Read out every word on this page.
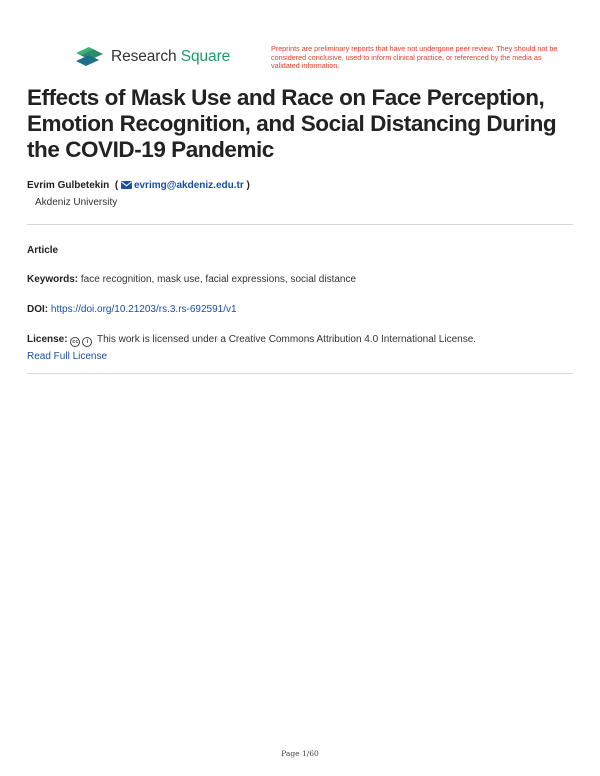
Research Square	Preprints are preliminary reports that have not undergone peer review. They should not be considered conclusive, used to inform clinical practice, or referenced by the media as validated information.
Effects of Mask Use and Race on Face Perception, Emotion Recognition, and Social Distancing During the COVID-19 Pandemic
Evrim Gulbetekin ( evrimg@akdeniz.edu.tr )
Akdeniz University
Article
Keywords: face recognition, mask use, facial expressions, social distance
DOI: https://doi.org/10.21203/rs.3.rs-692591/v1
License: cc i This work is licensed under a Creative Commons Attribution 4.0 International License.
Read Full License
Page 1/60
